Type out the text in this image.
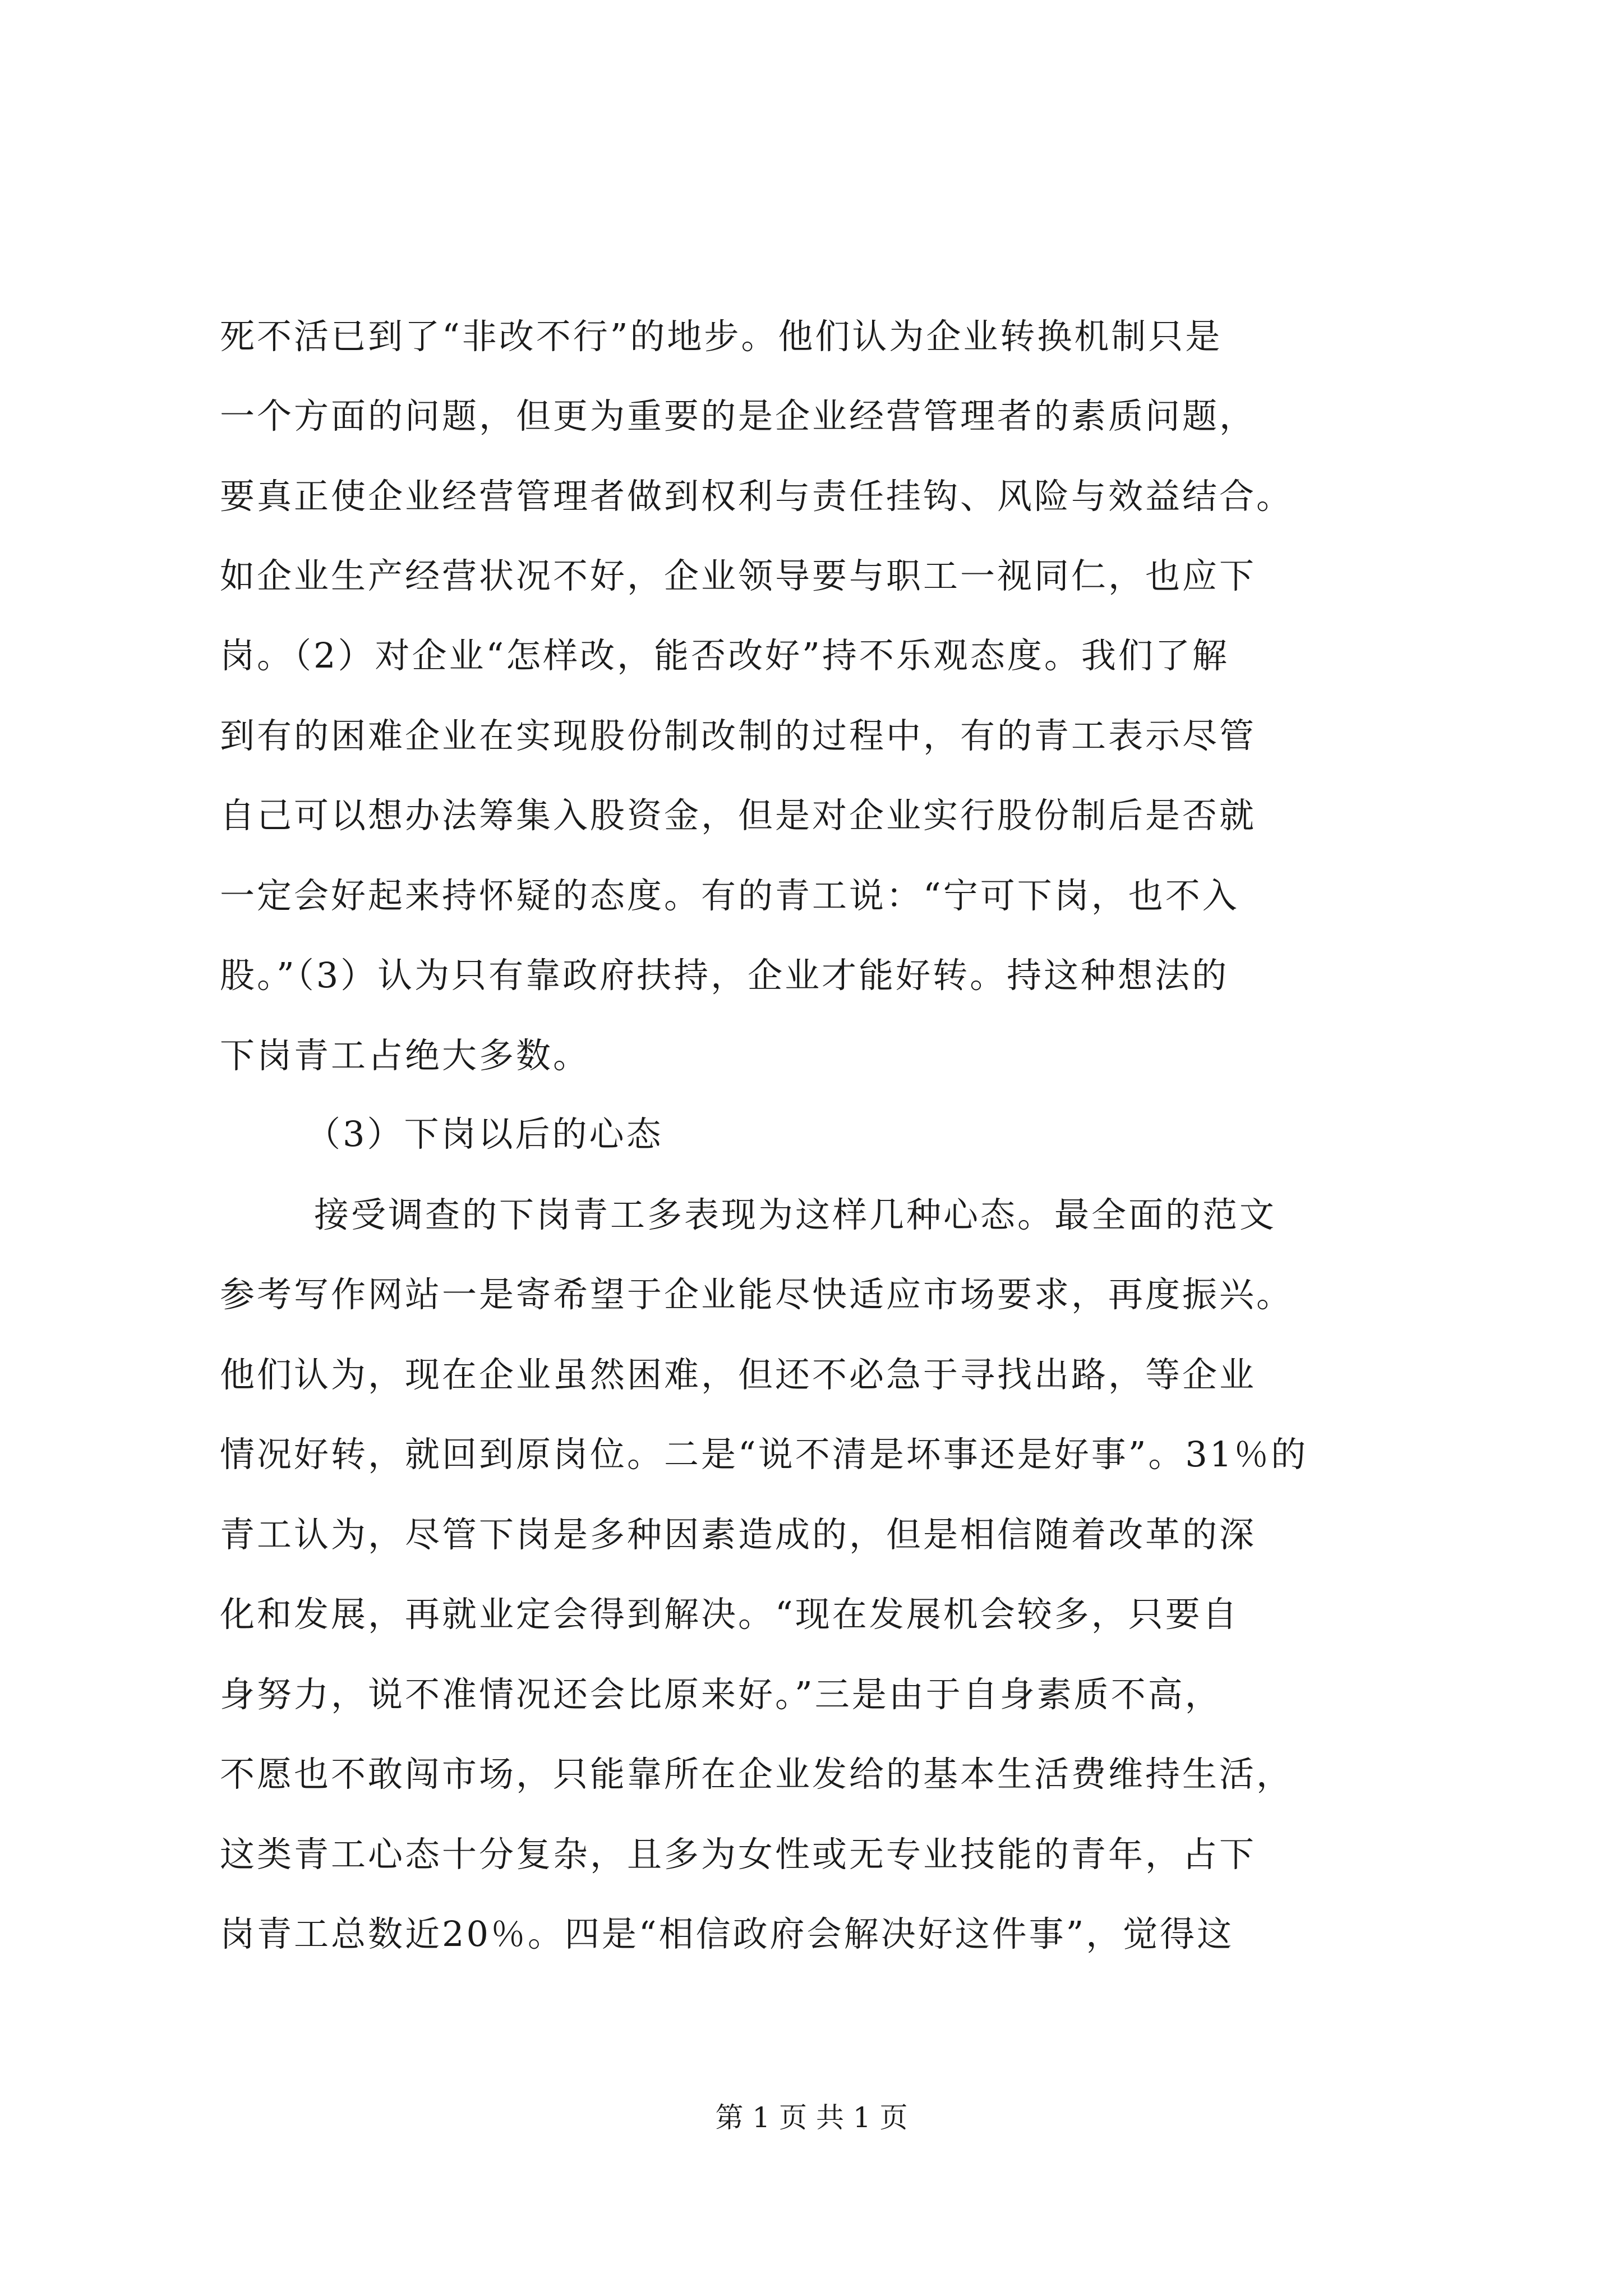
死不活已到了“非改不行”的地步。他们认为企业转换机制只是
一个方面的问题，但更为重要的是企业经营管理者的素质问题，
要真正使企业经营管理者做到权利与责任挂钩、风险与效益结合。
如企业生产经营状况不好，企业领导要与职工一视同仁，也应下
岗。（2）对企业“怎样改，能否改好”持不乐观态度。我们了解
到有的困难企业在实现股份制改制的过程中，有的青工表示尽管
自己可以想办法筹集入股资金，但是对企业实行股份制后是否就
一定会好起来持怀疑的态度。有的青工说：“宁可下岗，也不入
股。”（3）认为只有靠政府扶持，企业才能好转。持这种想法的
下岗青工占绝大多数。
（3）下岗以后的心态
接受调查的下岗青工多表现为这样几种心态。最全面的范文
参考写作网站一是寄希望于企业能尽快适应市场要求，再度振兴。
他们认为，现在企业虽然困难，但还不必急于寻找出路，等企业
情况好转，就回到原岗位。二是“说不清是坏事还是好事”。31％的
青工认为，尽管下岗是多种因素造成的，但是相信随着改革的深
化和发展，再就业定会得到解决。“现在发展机会较多，只要自
身努力，说不准情况还会比原来好。”三是由于自身素质不高，
不愿也不敢闯市场，只能靠所在企业发给的基本生活费维持生活，
这类青工心态十分复杂，且多为女性或无专业技能的青年，占下
岗青工总数近20％。四是“相信政府会解决好这件事”，觉得这
第 1 页 共 1 页
